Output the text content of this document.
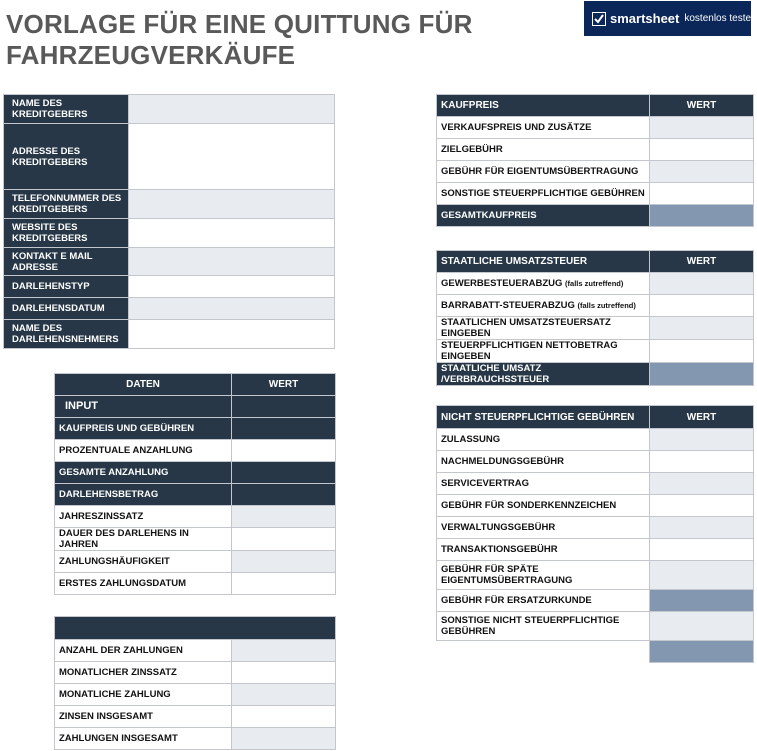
VORLAGE FÜR EINE QUITTUNG FÜR FAHRZEUGVERKÄUFE
smartsheet kostenlos testen
NAME DES KREDITGEBERS	
ADRESSE DES KREDITGEBERS	
TELEFONNUMMER DES KREDITGEBERS	
WEBSITE DES KREDITGEBERS	
KONTAKT E MAIL ADRESSE	
DARLEHENSTYP	
DARLEHENSDATUM	
NAME DES DARLEHENSNEHMERS	
DATEN	WERT
INPUT	
KAUFPREIS UND GEBÜHREN	
PROZENTUALE ANZAHLUNG	
GESAMTE ANZAHLUNG	
DARLEHENSBETRAG	
JAHRESZINSSATZ	
DAUER DES DARLEHENS IN JAHREN	
ZAHLUNGSHÄUFIGKEIT	
ERSTES ZAHLUNGSDATUM	

ANZAHL DER ZAHLUNGEN	
MONATLICHER ZINSSATZ	
MONATLICHE ZAHLUNG	
ZINSEN INSGESAMT	
ZAHLUNGEN INSGESAMT	
KAUFPREIS	WERT
VERKAUFSPREIS UND ZUSÄTZE	
ZIELGEBÜHR	
GEBÜHR FÜR EIGENTUMSÜBERTRAGUNG	
SONSTIGE STEUERPFLICHTIGE GEBÜHREN	
GESAMTKAUFPREIS	
STAATLICHE UMSATZSTEUER	WERT
GEWERBESTEUERABZUG (falls zutreffend)	
BARRABATT-STEUERABZUG (falls zutreffend)	
STAATLICHEN UMSATZSTEUERSATZ EINGEBEN	
STEUERPFLICHTIGEN NETTOBETRAG EINGEBEN	
STAATLICHE UMSATZ /VERBRAUCHSSTEUER	
NICHT STEUERPFLICHTIGE GEBÜHREN	WERT
ZULASSUNG	
NACHMELDUNGSGEBÜHR	
SERVICEVERTRAG	
GEBÜHR FÜR SONDERKENNZEICHEN	
VERWALTUNGSGEBÜHR	
TRANSAKTIONSGEBÜHR	
GEBÜHR FÜR SPÄTE EIGENTUMSÜBERTRAGUNG	
GEBÜHR FÜR ERSATZURKUNDE	
SONSTIGE NICHT STEUERPFLICHTIGE GEBÜHREN	
